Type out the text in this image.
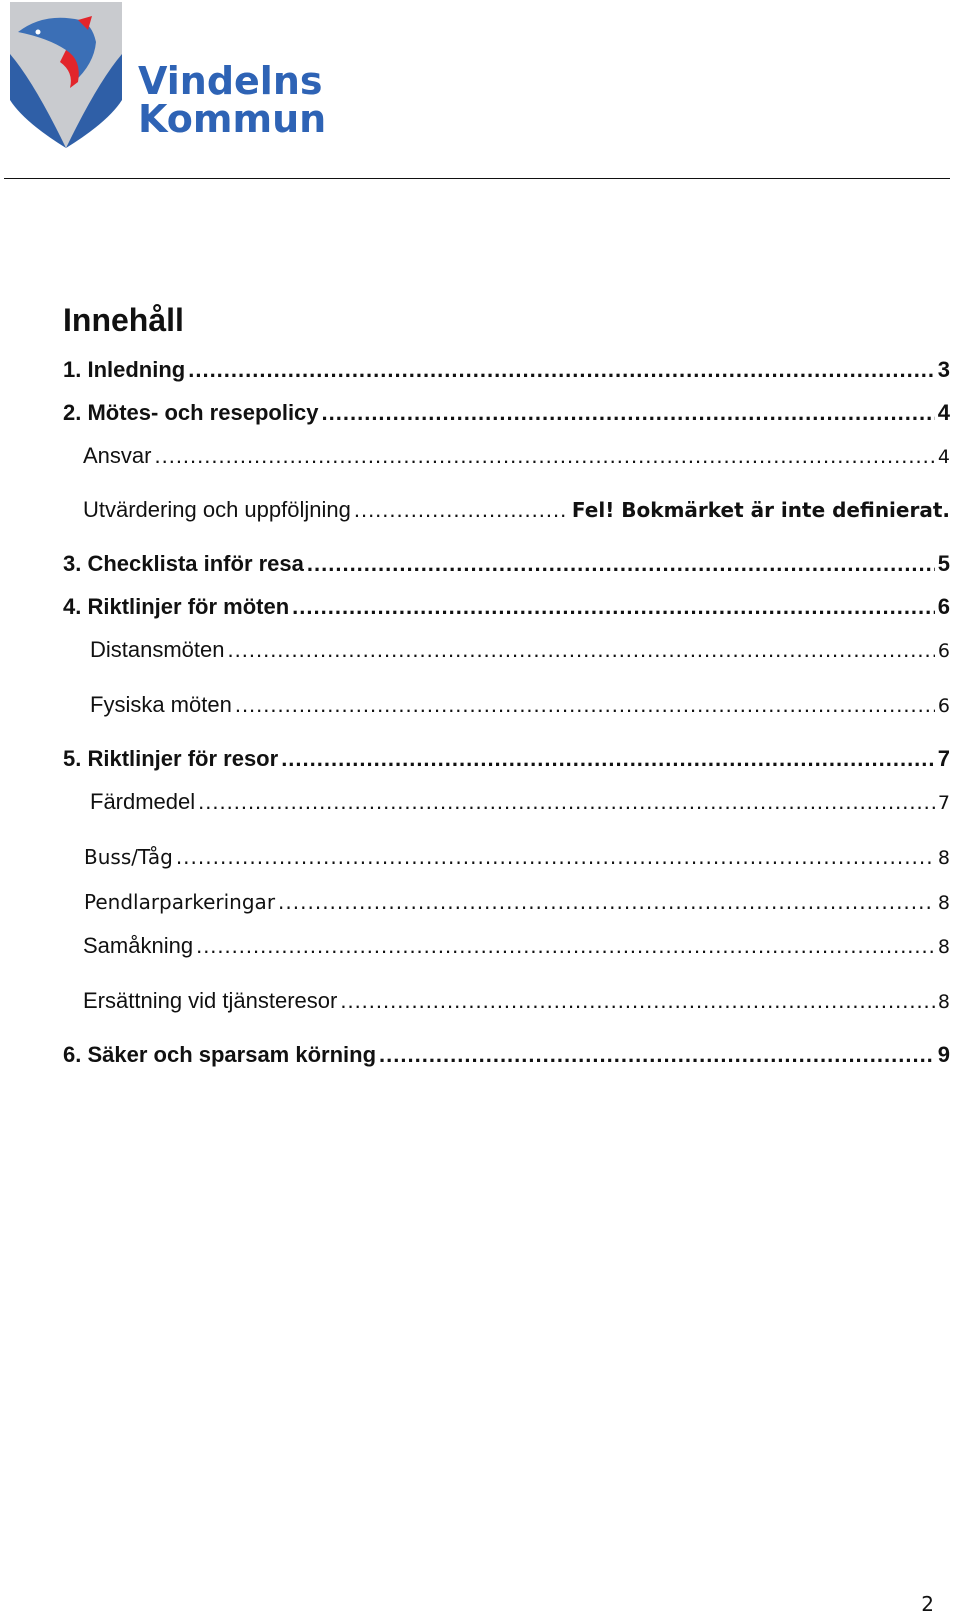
Vindelns
Kommun
Innehåll
1. Inledning .....	3
2. Mötes- och resepolicy .....	4
Ansvar .....	4
Utvärdering och uppföljning .....	Fel! Bokmärket är inte definierat.
3. Checklista inför resa .....	5
4. Riktlinjer för möten .....	6
Distansmöten .....	6
Fysiska möten .....	6
5. Riktlinjer för resor .....	7
Färdmedel .....	7
Buss/Tåg .....	8
Pendlarparkeringar .....	8
Samåkning .....	8
Ersättning vid tjänsteresor .....	8
6. Säker och sparsam körning .....	9
2
